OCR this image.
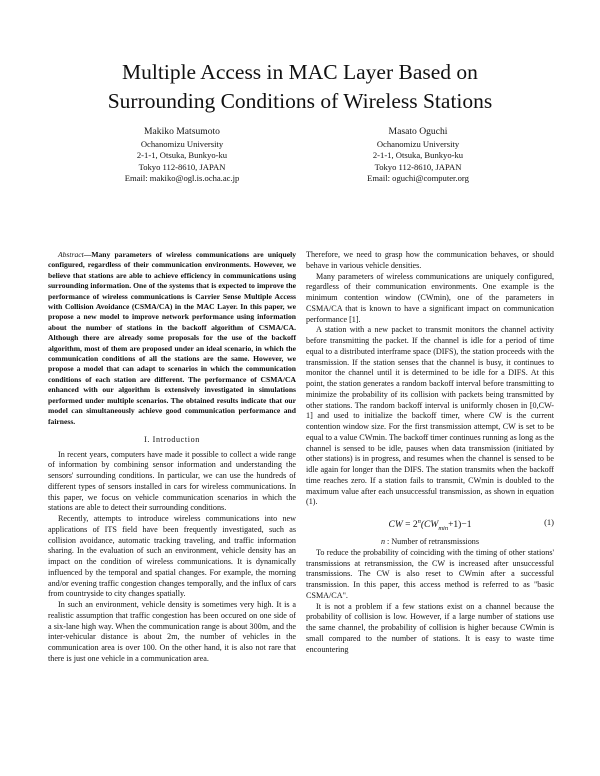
Multiple Access in MAC Layer Based on
Surrounding Conditions of Wireless Stations
Makiko Matsumoto
Ochanomizu University
2-1-1, Otsuka, Bunkyo-ku
Tokyo 112-8610, JAPAN
Email: makiko@ogl.is.ocha.ac.jp
Masato Oguchi
Ochanomizu University
2-1-1, Otsuka, Bunkyo-ku
Tokyo 112-8610, JAPAN
Email: oguchi@computer.org

Abstract—Many parameters of wireless communications are uniquely configured, regardless of their communication environments. However, we believe that stations are able to achieve efficiency in communications using surrounding information. One of the systems that is expected to improve the performance of wireless communications is Carrier Sense Multiple Access with Collision Avoidance (CSMA/CA) in the MAC Layer. In this paper, we propose a new model to improve network performance using information about the number of stations in the backoff algorithm of CSMA/CA. Although there are already some proposals for the use of the backoff algorithm, most of them are proposed under an ideal scenario, in which the communication conditions of all the stations are the same. However, we propose a model that can adapt to scenarios in which the communication conditions of each station are different. The performance of CSMA/CA enhanced with our algorithm is extensively investigated in simulations performed under multiple scenarios. The obtained results indicate that our model can simultaneously achieve good communication performance and fairness.

I. Introduction

In recent years, computers have made it possible to collect a wide range of information by combining sensor information and understanding the sensors' surrounding conditions. In particular, we can use the hundreds of different types of sensors installed in cars for wireless communications. In this paper, we focus on vehicle communication scenarios in which the stations are able to detect their surrounding conditions.

Recently, attempts to introduce wireless communications into new applications of ITS field have been frequently investigated, such as collision avoidance, automatic tracking traveling, and traffic information sharing. In the evaluation of such an environment, vehicle density has an impact on the condition of wireless communications. It is dynamically influenced by the temporal and spatial changes. For example, the morning and/or evening traffic congestion changes temporally, and the influx of cars from countryside to city changes spatially.

In such an environment, vehicle density is sometimes very high. It is a realistic assumption that traffic congestion has been occured on one side of a six-lane high way. When the communication range is about 300m, and the inter-vehicular distance is about 2m, the number of vehicles in the communication area is over 100. On the other hand, it is also not rare that there is just one vehicle in a communication area.

Therefore, we need to grasp how the communication behaves, or should behave in various vehicle densities.

Many parameters of wireless communications are uniquely configured, regardless of their communication environments. One example is the minimum contention window (CWmin), one of the parameters in CSMA/CA that is known to have a significant impact on communication performance [1].

A station with a new packet to transmit monitors the channel activity before transmitting the packet. If the channel is idle for a period of time equal to a distributed interframe space (DIFS), the station proceeds with the transmission. If the station senses that the channel is busy, it continues to monitor the channel until it is determined to be idle for a DIFS. At this point, the station generates a random backoff interval before transmitting to minimize the probability of its collision with packets being transmitted by other stations. The random backoff interval is uniformly chosen in [0,CW-1] and used to initialize the backoff timer, where CW is the current contention window size. For the first transmission attempt, CW is set to be equal to a value CWmin. The backoff timer continues running as long as the channel is sensed to be idle, pauses when data transmission (initiated by other stations) is in progress, and resumes when the channel is sensed to be idle again for longer than the DIFS. The station transmits when the backoff time reaches zero. If a station fails to transmit, CWmin is doubled to the maximum value after each unsuccessful transmission, as shown in equation (1).

CW = $2^n(CW_{min}+1)-1$	(1)

n : Number of retransmissions

To reduce the probability of coinciding with the timing of other stations' transmissions at retransmission, the CW is increased after unsuccessful transmissions. The CW is also reset to CWmin after a successful transmission. In this paper, this access method is referred to as "basic CSMA/CA".

It is not a problem if a few stations exist on a channel because the probability of collision is low. However, if a large number of stations use the same channel, the probability of collision is higher because CWmin is small compared to the number of stations. It is easy to waste time encountering
